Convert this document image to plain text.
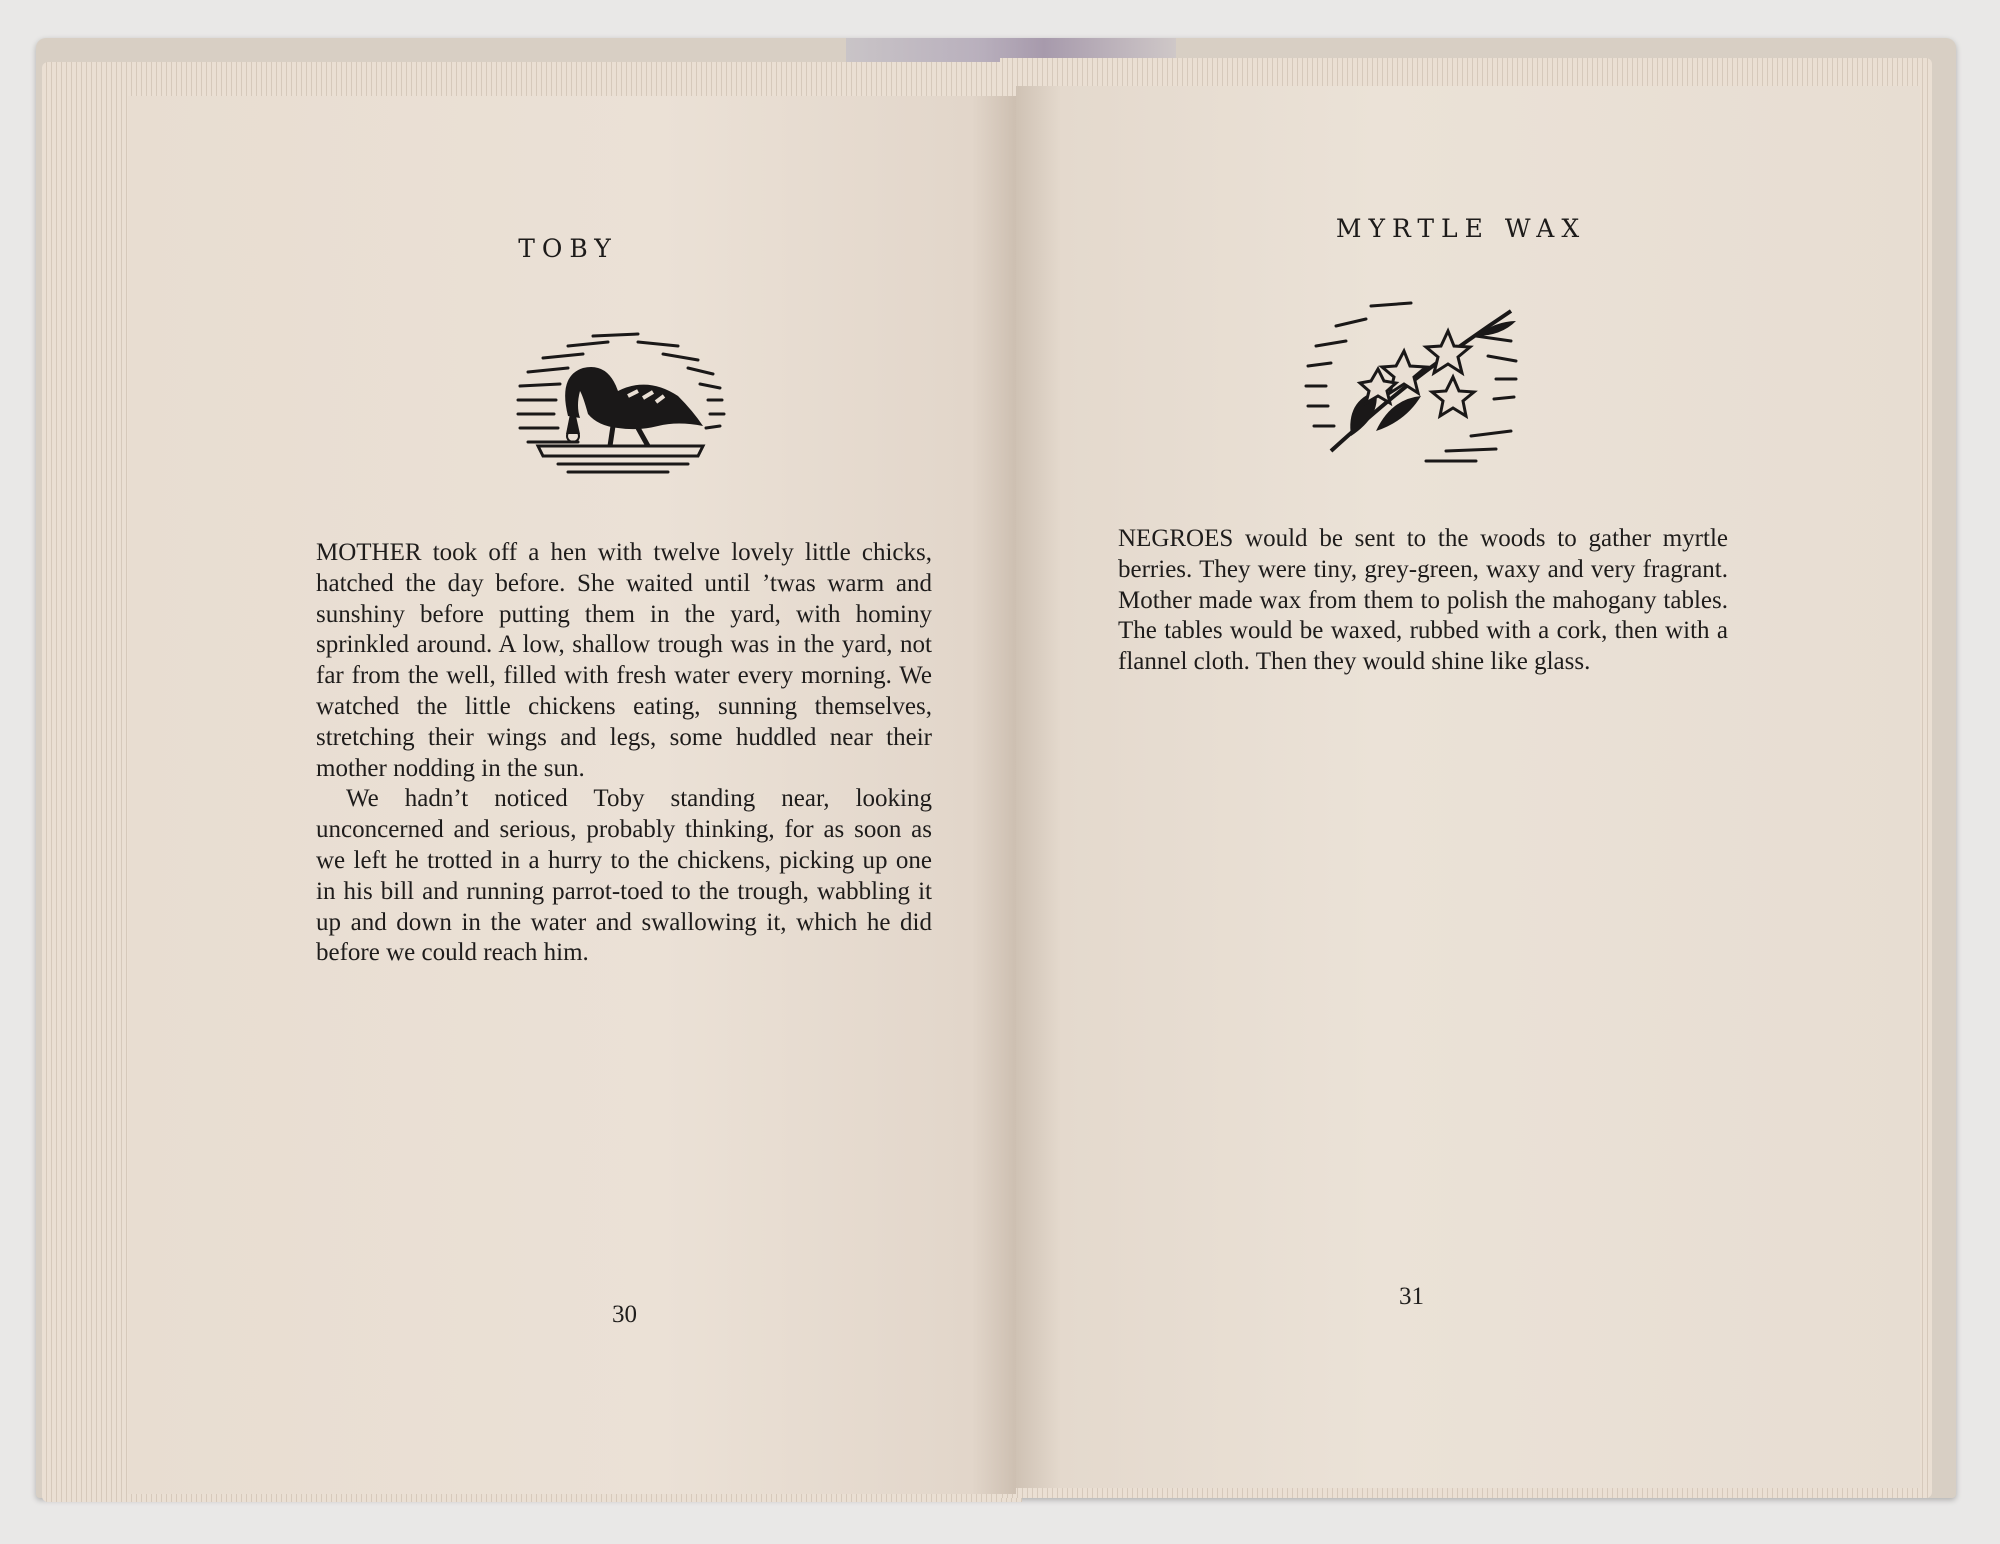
TOBY

MOTHER took off a hen with twelve lovely little chicks, hatched the day before. She waited until ’twas warm and sunshiny before putting them in the yard, with hominy sprinkled around. A low, shallow trough was in the yard, not far from the well, filled with fresh water every morning. We watched the little chickens eating, sunning themselves, stretching their wings and legs, some huddled near their mother nodding in the sun.

We hadn’t noticed Toby standing near, looking unconcerned and serious, probably thinking, for as soon as we left he trotted in a hurry to the chickens, picking up one in his bill and running parrot-toed to the trough, wabbling it up and down in the water and swallowing it, which he did before we could reach him.

30
MYRTLE WAX

NEGROES would be sent to the woods to gather myrtle berries. They were tiny, grey-green, waxy and very fragrant. Mother made wax from them to polish the mahogany tables. The tables would be waxed, rubbed with a cork, then with a flannel cloth. Then they would shine like glass.

31
